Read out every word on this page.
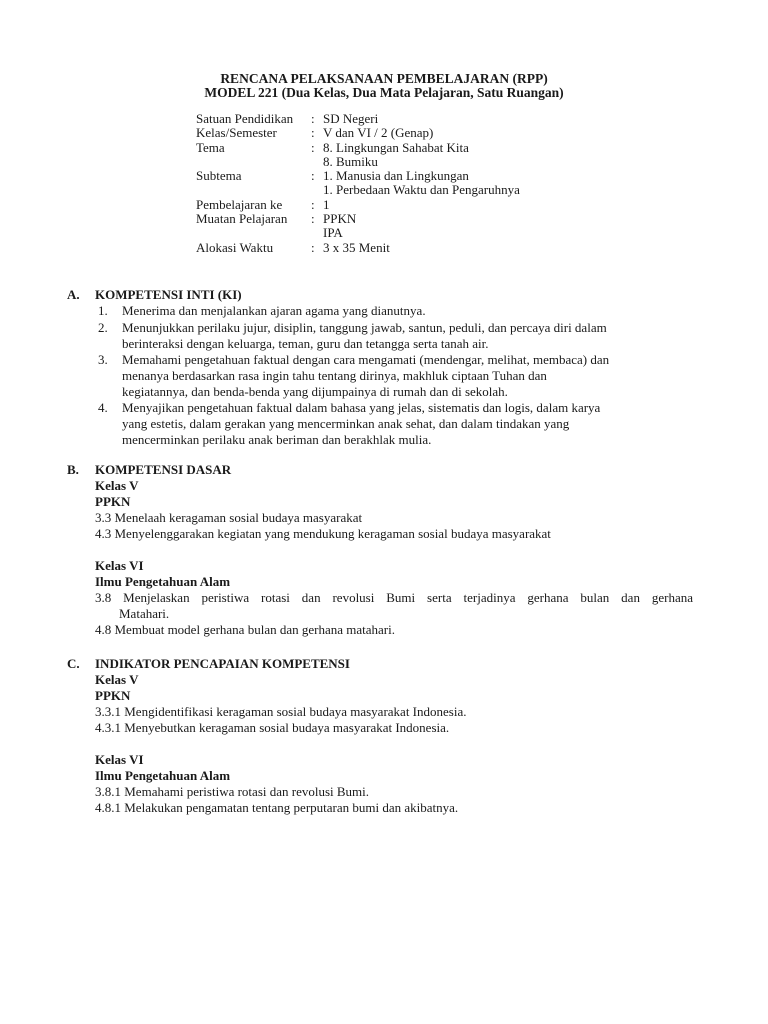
RENCANA PELAKSANAAN PEMBELAJARAN (RPP)
MODEL 221 (Dua Kelas, Dua Mata Pelajaran, Satu Ruangan)
Satuan Pendidikan	: SD Negeri
Kelas/Semester	: V dan VI / 2 (Genap)
Tema	: 8. Lingkungan Sahabat Kita
8. Bumiku
Subtema	: 1. Manusia dan Lingkungan
1. Perbedaan Waktu dan Pengaruhnya
Pembelajaran ke	: 1
Muatan Pelajaran	: PPKN
IPA
Alokasi Waktu	: 3 x 35 Menit
A. KOMPETENSI INTI (KI)
1. Menerima dan menjalankan ajaran agama yang dianutnya.
2. Menunjukkan perilaku jujur, disiplin, tanggung jawab, santun, peduli, dan percaya diri dalam
berinteraksi dengan keluarga, teman, guru dan tetangga serta tanah air.
3. Memahami pengetahuan faktual dengan cara mengamati (mendengar, melihat, membaca) dan
menanya berdasarkan rasa ingin tahu tentang dirinya, makhluk ciptaan Tuhan dan
kegiatannya, dan benda-benda yang dijumpainya di rumah dan di sekolah.
4. Menyajikan pengetahuan faktual dalam bahasa yang jelas, sistematis dan logis, dalam karya
yang estetis, dalam gerakan yang mencerminkan anak sehat, dan dalam tindakan yang
mencerminkan perilaku anak beriman dan berakhlak mulia.
B. KOMPETENSI DASAR
Kelas V
PPKN
3.3 Menelaah keragaman sosial budaya masyarakat
4.3 Menyelenggarakan kegiatan yang mendukung keragaman sosial budaya masyarakat
Kelas VI
Ilmu Pengetahuan Alam
3.8 Menjelaskan peristiwa rotasi dan revolusi Bumi serta terjadinya gerhana bulan dan gerhana
Matahari.
4.8 Membuat model gerhana bulan dan gerhana matahari.
C. INDIKATOR PENCAPAIAN KOMPETENSI
Kelas V
PPKN
3.3.1 Mengidentifikasi keragaman sosial budaya masyarakat Indonesia.
4.3.1 Menyebutkan keragaman sosial budaya masyarakat Indonesia.
Kelas VI
Ilmu Pengetahuan Alam
3.8.1 Memahami peristiwa rotasi dan revolusi Bumi.
4.8.1 Melakukan pengamatan tentang perputaran bumi dan akibatnya.
